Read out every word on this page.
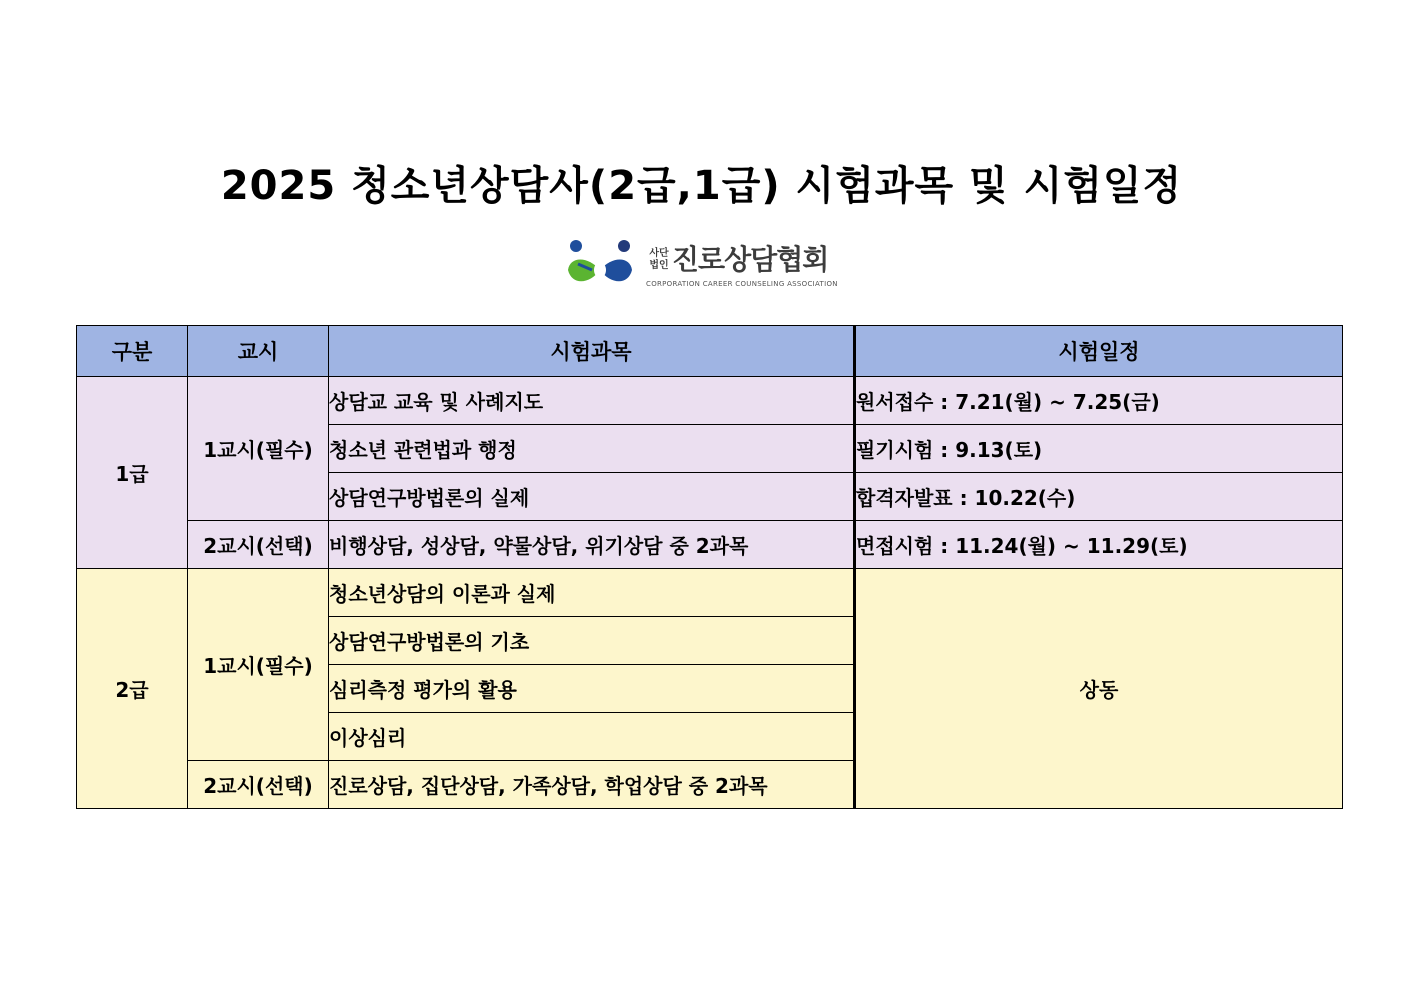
2025 청소년상담사(2급,1급) 시험과목 및 시험일정
사단
법인 진로상담협회
CORPORATION CAREER COUNSELING ASSOCIATION
구분	교시	시험과목	시험일정
1급	1교시(필수)	상담교 교육 및 사례지도	원서접수 : 7.21(월) ~ 7.25(금)
		청소년 관련법과 행정	필기시험 : 9.13(토)
		상담연구방법론의 실제	합격자발표 : 10.22(수)
	2교시(선택)	비행상담, 성상담, 약물상담, 위기상담 중 2과목	면접시험 : 11.24(월) ~ 11.29(토)
2급	1교시(필수)	청소년상담의 이론과 실제	상동
		상담연구방법론의 기초	
		심리측정 평가의 활용	
		이상심리	
	2교시(선택)	진로상담, 집단상담, 가족상담, 학업상담 중 2과목	
